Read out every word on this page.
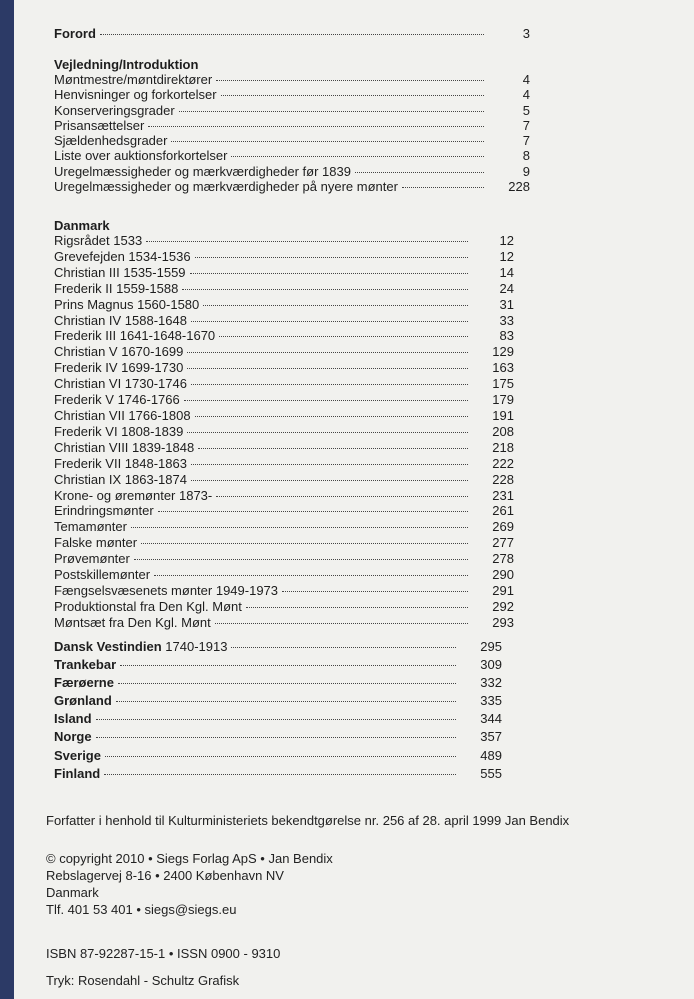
Forord	3

Vejledning/Introduktion

Møntmestre/møntdirektører	4
Henvisninger og forkortelser	4
Konserveringsgrader	5
Prisansættelser	7
Sjældenhedsgrader	7
Liste over auktionsforkortelser	8
Uregelmæssigheder og mærkværdigheder før 1839	9
Uregelmæssigheder og mærkværdigheder på nyere mønter	228

Danmark

Rigsrådet 1533	12
Grevefejden 1534-1536	12
Christian III 1535-1559	14
Frederik II 1559-1588	24
Prins Magnus 1560-1580	31
Christian IV 1588-1648	33
Frederik III 1641-1648-1670	83
Christian V 1670-1699	129
Frederik IV 1699-1730	163
Christian VI 1730-1746	175
Frederik V 1746-1766	179
Christian VII 1766-1808	191
Frederik VI 1808-1839	208
Christian VIII 1839-1848	218
Frederik VII 1848-1863	222
Christian IX 1863-1874	228
Krone- og øremønter 1873-	231
Erindringsmønter	261
Temamønter	269
Falske mønter	277
Prøvemønter	278
Postskillemønter	290
Fængselsvæsenets mønter 1949-1973	291
Produktionstal fra Den Kgl. Mønt	292
Møntsæt fra Den Kgl. Mønt	293
Dansk Vestindien 1740-1913	295
Trankebar	309
Færøerne	332
Grønland	335
Island	344
Norge	357
Sverige	489
Finland	555

Forfatter i henhold til Kulturministeriets bekendtgørelse nr. 256 af 28. april 1999 Jan Bendix

© copyright 2010 • Siegs Forlag ApS • Jan Bendix

Rebslagervej 8-16 • 2400 København NV

Danmark

Tlf. 401 53 401 • siegs@siegs.eu

ISBN 87-92287-15-1 • ISSN 0900 - 9310

Tryk: Rosendahl - Schultz Grafisk
